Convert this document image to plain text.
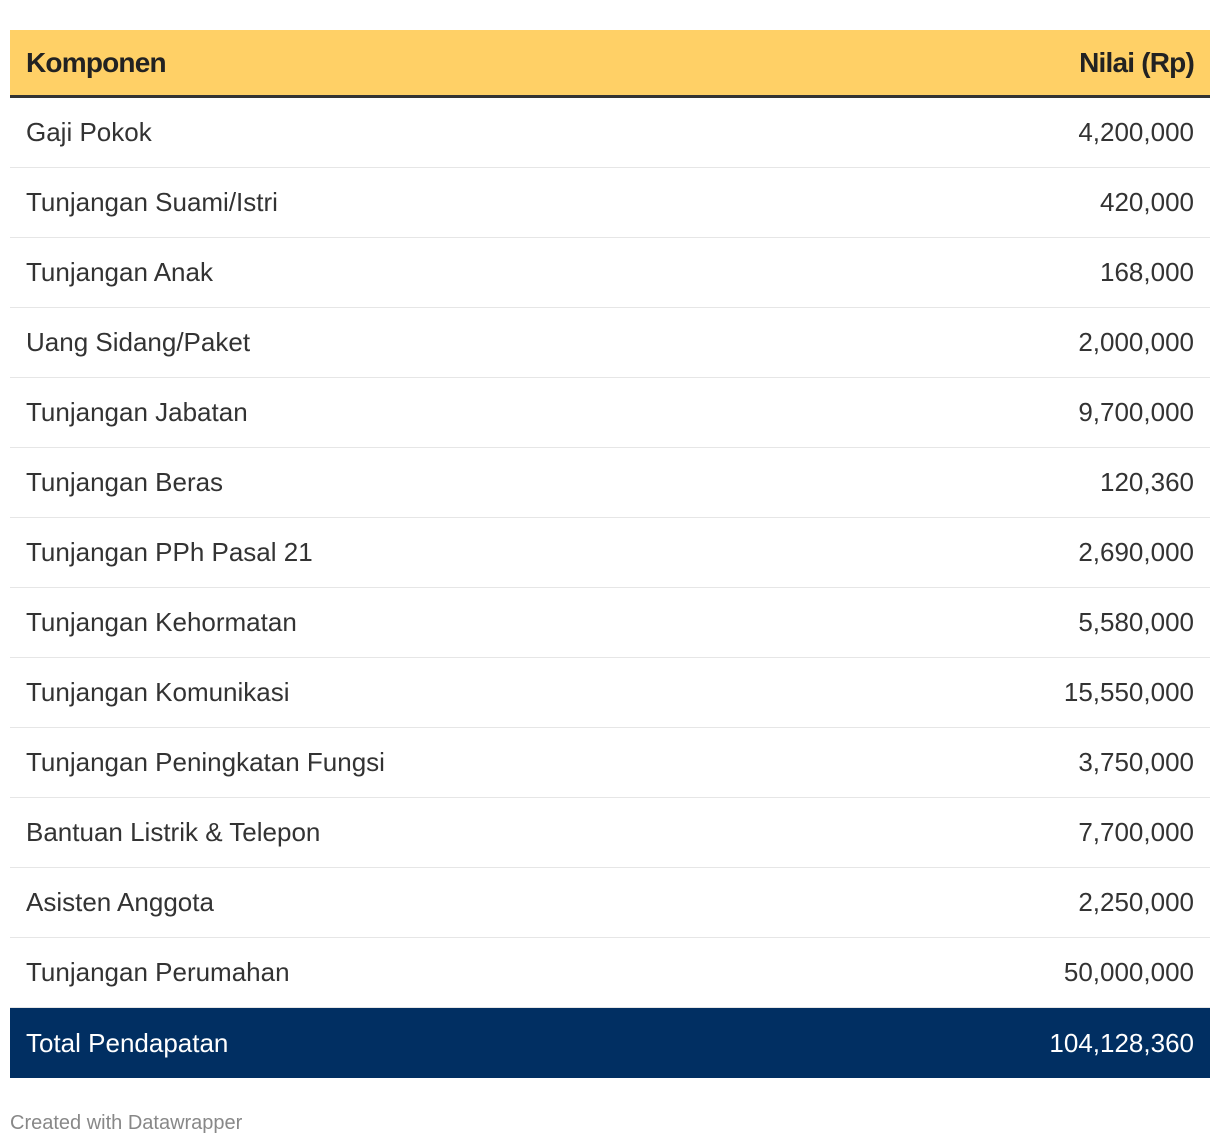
Komponen	Nilai (Rp)
Gaji Pokok	4,200,000
Tunjangan Suami/Istri	420,000
Tunjangan Anak	168,000
Uang Sidang/Paket	2,000,000
Tunjangan Jabatan	9,700,000
Tunjangan Beras	120,360
Tunjangan PPh Pasal 21	2,690,000
Tunjangan Kehormatan	5,580,000
Tunjangan Komunikasi	15,550,000
Tunjangan Peningkatan Fungsi	3,750,000
Bantuan Listrik & Telepon	7,700,000
Asisten Anggota	2,250,000
Tunjangan Perumahan	50,000,000
Total Pendapatan	104,128,360
Created with Datawrapper
